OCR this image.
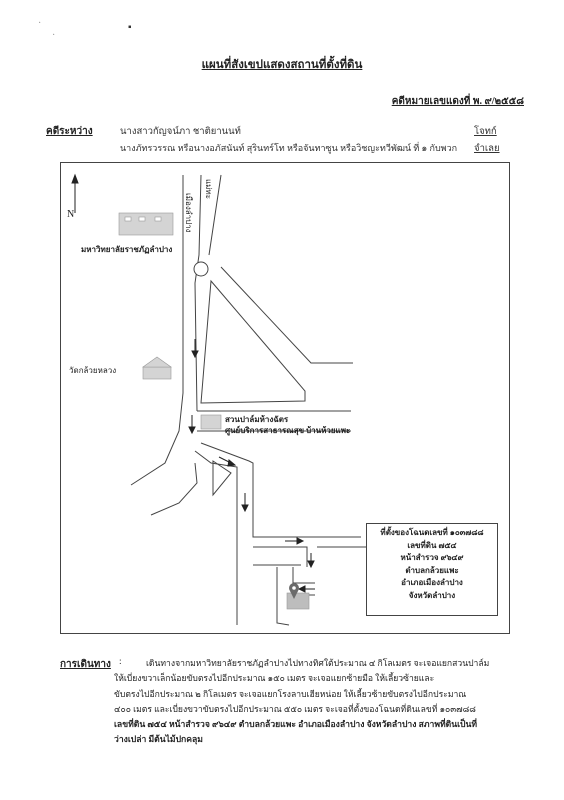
·
·
▪
แผนที่สังเขปแสดงสถานที่ตั้งที่ดิน
คดีหมายเลขแดงที่ พ. ๙/๒๕๕๘
คดีระหว่าง	นางสาวกัญจน์ภา ชาติยานนท์	โจทก์
นางภัทรวรรณ หรือนางอภัสนันท์ สุรินทร์โท หรือจันทาซูน หรือวิชญะทวีพัฒน์ ที่ ๑ กับพวก จำเลย
N
มหาวิทยาลัยราชภัฏลำปาง
วัดกล้วยหลวง
เมืองลำปาง
แม่ทะ
สวนปาล์มห้างฉัตร
ศูนย์บริการสาธารณสุข บ้านห้วยแพะ
ที่ตั้งของโฉนดเลขที่ ๑๐๓๗๘๘
เลขที่ดิน ๗๕๔
หน้าสำรวจ ๙๖๔๙
ตำบลกล้วยแพะ
อำเภอเมืองลำปาง
จังหวัดลำปาง
การเดินทาง :	เดินทางจากมหาวิทยาลัยราชภัฏลำปางไปทางทิศใต้ประมาณ ๔ กิโลเมตร จะเจอแยกสวนปาล์ม
ให้เบี่ยงขวาเล็กน้อยขับตรงไปอีกประมาณ ๑๕๐ เมตร จะเจอแยกซ้ายมือ ให้เลี้ยวซ้ายและ
ขับตรงไปอีกประมาณ ๒ กิโลเมตร จะเจอแยกโรงลาบเฮียหน่อย ให้เลี้ยวซ้ายขับตรงไปอีกประมาณ
๔๐๐ เมตร และเบี่ยงขวาขับตรงไปอีกประมาณ ๕๕๐ เมตร จะเจอที่ตั้งของโฉนดที่ดินเลขที่ ๑๐๓๗๘๘
เลขที่ดิน ๗๕๔ หน้าสำรวจ ๙๖๔๙ ตำบลกล้วยแพะ อำเภอเมืองลำปาง จังหวัดลำปาง สภาพที่ดินเป็นที่
ว่างเปล่า มีต้นไม้ปกคลุม
